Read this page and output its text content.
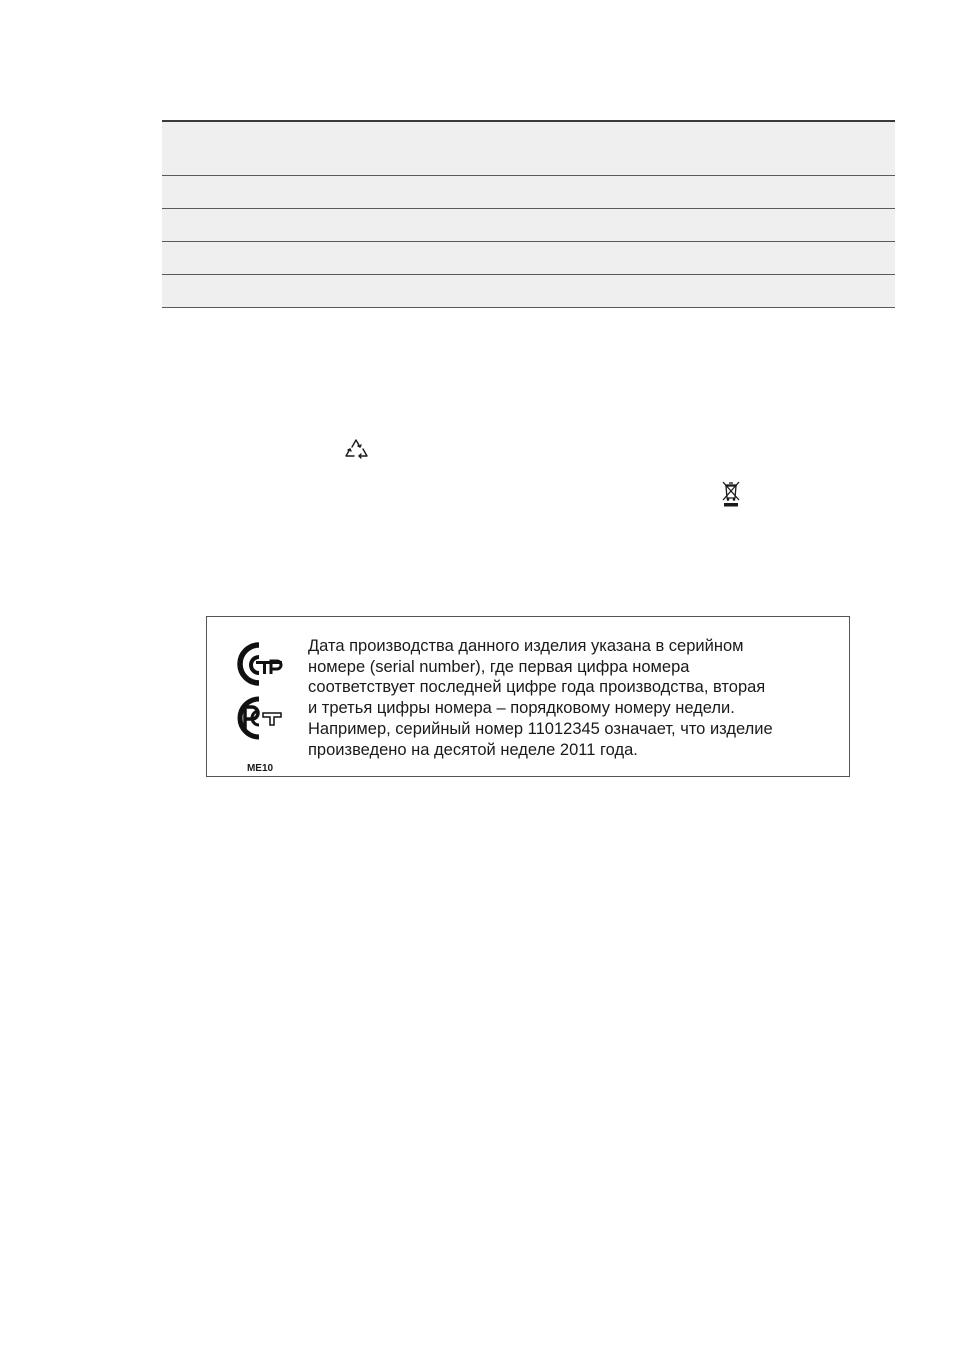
ME10

Дата производства данного изделия указана в серийном
номере (serial number), где первая цифра номера
соответствует последней цифре года производства, вторая
и третья цифры номера – порядковому номеру недели.
Например, серийный номер 11012345 означает, что изделие
произведено на десятой неделе 2011 года.
